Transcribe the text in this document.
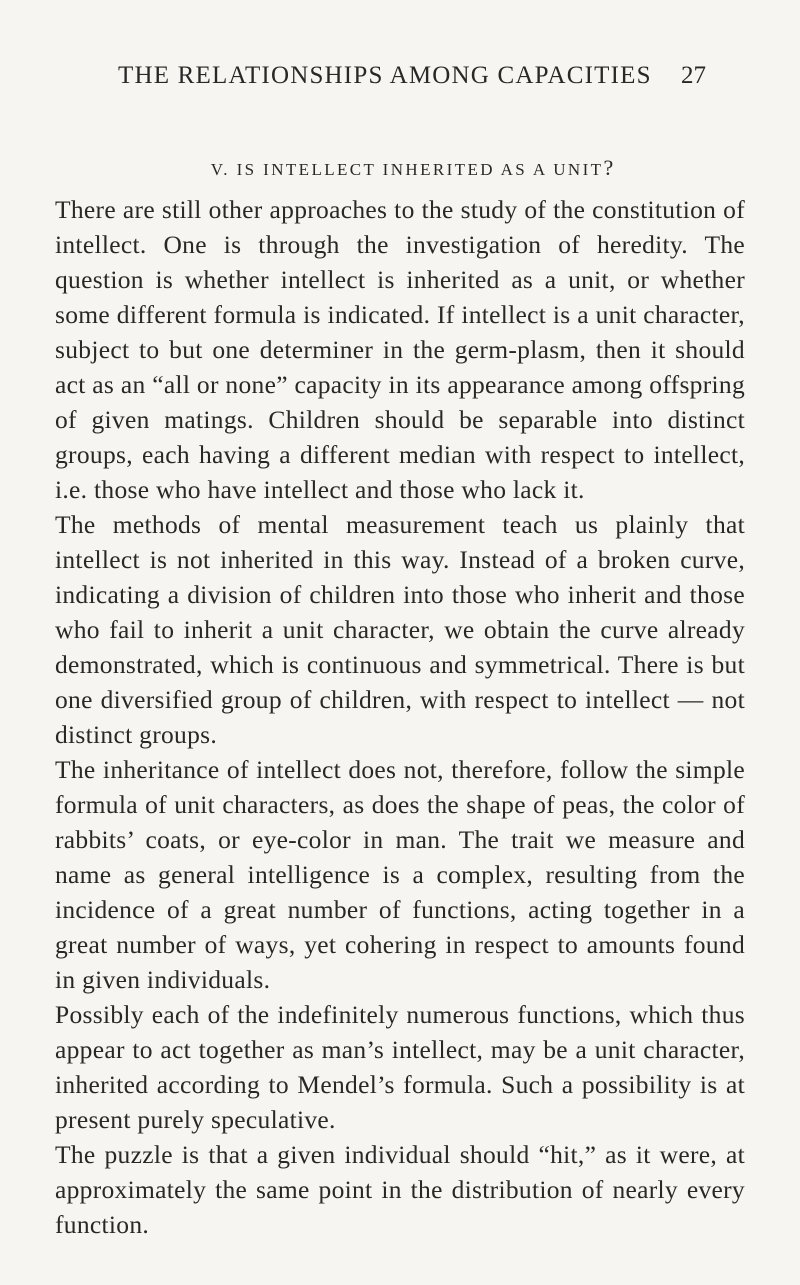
THE RELATIONSHIPS AMONG CAPACITIES 27
V. IS INTELLECT INHERITED AS A UNIT?

There are still other approaches to the study of the constitution of intellect. One is through the investigation of heredity. The question is whether intellect is inherited as a unit, or whether some different formula is indicated. If intellect is a unit character, subject to but one determiner in the germ-plasm, then it should act as an “all or none” capacity in its appearance among offspring of given matings. Children should be separable into distinct groups, each having a different median with respect to intellect, i.e. those who have intellect and those who lack it.

The methods of mental measurement teach us plainly that intellect is not inherited in this way. Instead of a broken curve, indicating a division of children into those who inherit and those who fail to inherit a unit character, we obtain the curve already demonstrated, which is continuous and symmetrical. There is but one diversified group of children, with respect to intellect — not distinct groups.

The inheritance of intellect does not, therefore, follow the simple formula of unit characters, as does the shape of peas, the color of rabbits’ coats, or eye-color in man. The trait we measure and name as general intelligence is a complex, resulting from the incidence of a great number of functions, acting together in a great number of ways, yet cohering in respect to amounts found in given individuals.

Possibly each of the indefinitely numerous functions, which thus appear to act together as man’s intellect, may be a unit character, inherited according to Mendel’s formula. Such a possibility is at present purely speculative.

The puzzle is that a given individual should “hit,” as it were, at approximately the same point in the distribution of nearly every function.
